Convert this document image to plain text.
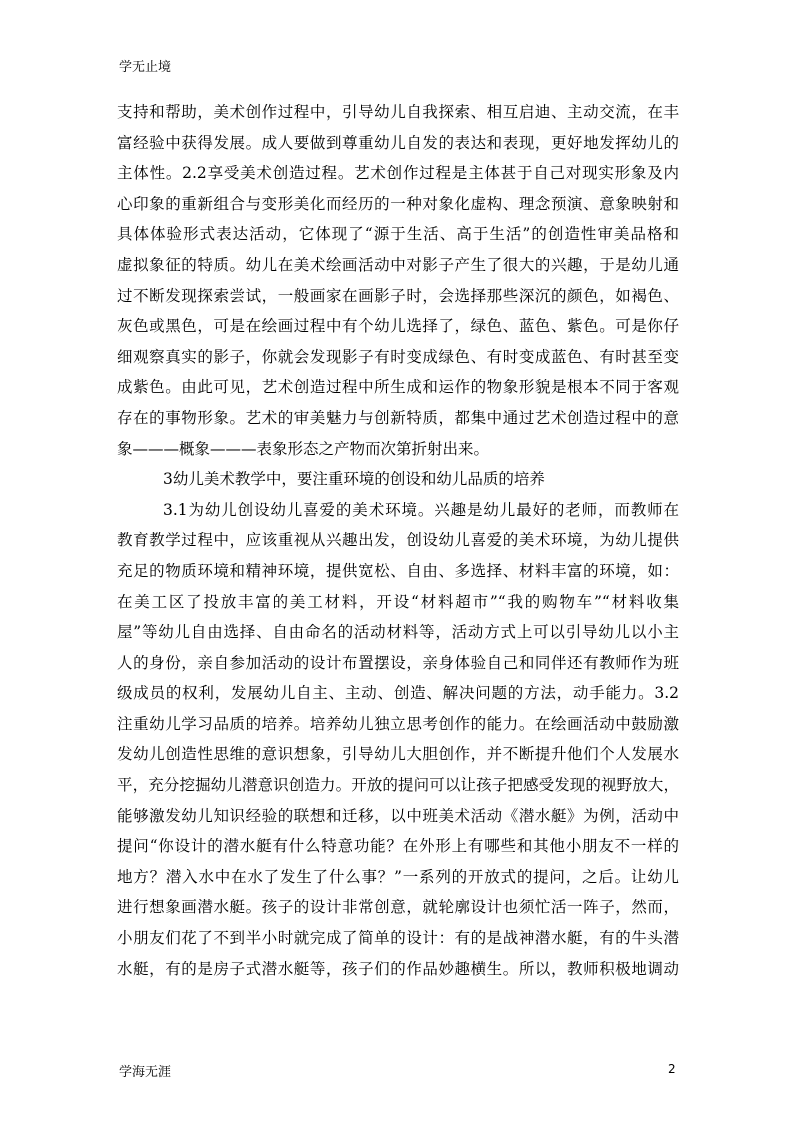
学无止境
支持和帮助，美术创作过程中，引导幼儿自我探索、相互启迪、主动交流，在丰
富经验中获得发展。成人要做到尊重幼儿自发的表达和表现，更好地发挥幼儿的
主体性。2.2享受美术创造过程。艺术创作过程是主体甚于自己对现实形象及内
心印象的重新组合与变形美化而经历的一种对象化虚构、理念预演、意象映射和
具体体验形式表达活动，它体现了“源于生活、高于生活”的创造性审美品格和
虚拟象征的特质。幼儿在美术绘画活动中对影子产生了很大的兴趣，于是幼儿通
过不断发现探索尝试，一般画家在画影子时，会选择那些深沉的颜色，如褐色、
灰色或黑色，可是在绘画过程中有个幼儿选择了，绿色、蓝色、紫色。可是你仔
细观察真实的影子，你就会发现影子有时变成绿色、有时变成蓝色、有时甚至变
成紫色。由此可见，艺术创造过程中所生成和运作的物象形貌是根本不同于客观
存在的事物形象。艺术的审美魅力与创新特质，都集中通过艺术创造过程中的意
象———概象———表象形态之产物而次第折射出来。
3幼儿美术教学中，要注重环境的创设和幼儿品质的培养
3.1为幼儿创设幼儿喜爱的美术环境。兴趣是幼儿最好的老师，而教师在
教育教学过程中，应该重视从兴趣出发，创设幼儿喜爱的美术环境，为幼儿提供
充足的物质环境和精神环境，提供宽松、自由、多选择、材料丰富的环境，如：
在美工区了投放丰富的美工材料，开设“材料超市”“我的购物车”“材料收集
屋”等幼儿自由选择、自由命名的活动材料等，活动方式上可以引导幼儿以小主
人的身份，亲自参加活动的设计布置摆设，亲身体验自己和同伴还有教师作为班
级成员的权利，发展幼儿自主、主动、创造、解决问题的方法，动手能力。3.2
注重幼儿学习品质的培养。培养幼儿独立思考创作的能力。在绘画活动中鼓励激
发幼儿创造性思维的意识想象，引导幼儿大胆创作，并不断提升他们个人发展水
平，充分挖掘幼儿潜意识创造力。开放的提问可以让孩子把感受发现的视野放大，
能够激发幼儿知识经验的联想和迁移，以中班美术活动《潜水艇》为例，活动中
提问“你设计的潜水艇有什么特意功能？在外形上有哪些和其他小朋友不一样的
地方？潜入水中在水了发生了什么事？”一系列的开放式的提问，之后。让幼儿
进行想象画潜水艇。孩子的设计非常创意，就轮廓设计也须忙活一阵子，然而，
小朋友们花了不到半小时就完成了简单的设计：有的是战神潜水艇，有的牛头潜
水艇，有的是房子式潜水艇等，孩子们的作品妙趣横生。所以，教师积极地调动
学海无涯	2
